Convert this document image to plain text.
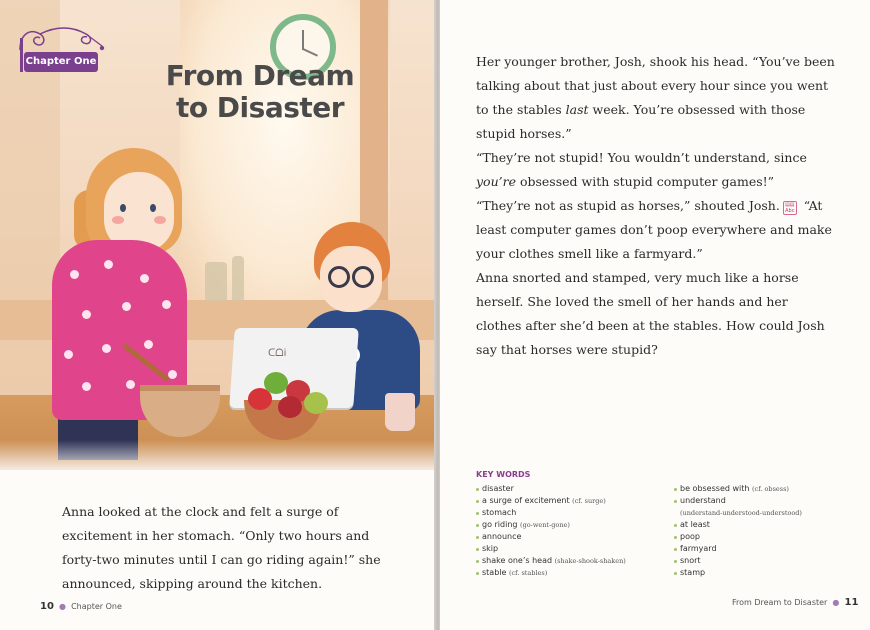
ᑕᗝi
Chapter One	From Dream
to Disaster

Anna looked at the clock and felt a surge of excitement in her stomach. “Only two hours and forty-two minutes until I can go riding again!” she announced, skipping around the kitchen.

10  ●  Chapter One

Her younger brother, Josh, shook his head. “You’ve been talking about that just about every hour since you went to the stables last week. You’re obsessed with those stupid horses.”

“They’re not stupid! You wouldn’t understand, since you’re obsessed with stupid computer games!”

“They’re not as stupid as horses,” shouted Josh. ▤▤
Abc “At least computer games don’t poop everywhere and make your clothes smell like a farmyard.”

Anna snorted and stamped, very much like a horse herself. She loved the smell of her hands and her clothes after she’d been at the stables. How could Josh say that horses were stupid?

KEY WORDS
disaster
a surge of excitement (cf. surge)
stomach
go riding (go-went-gone)
announce
skip
shake one’s head (shake-shook-shaken)
stable (cf. stables)
be obsessed with (cf. obsess)
understand
(understand-understood-understood)
at least
poop
farmyard
snort
stamp
From Dream to Disaster  ●  11
